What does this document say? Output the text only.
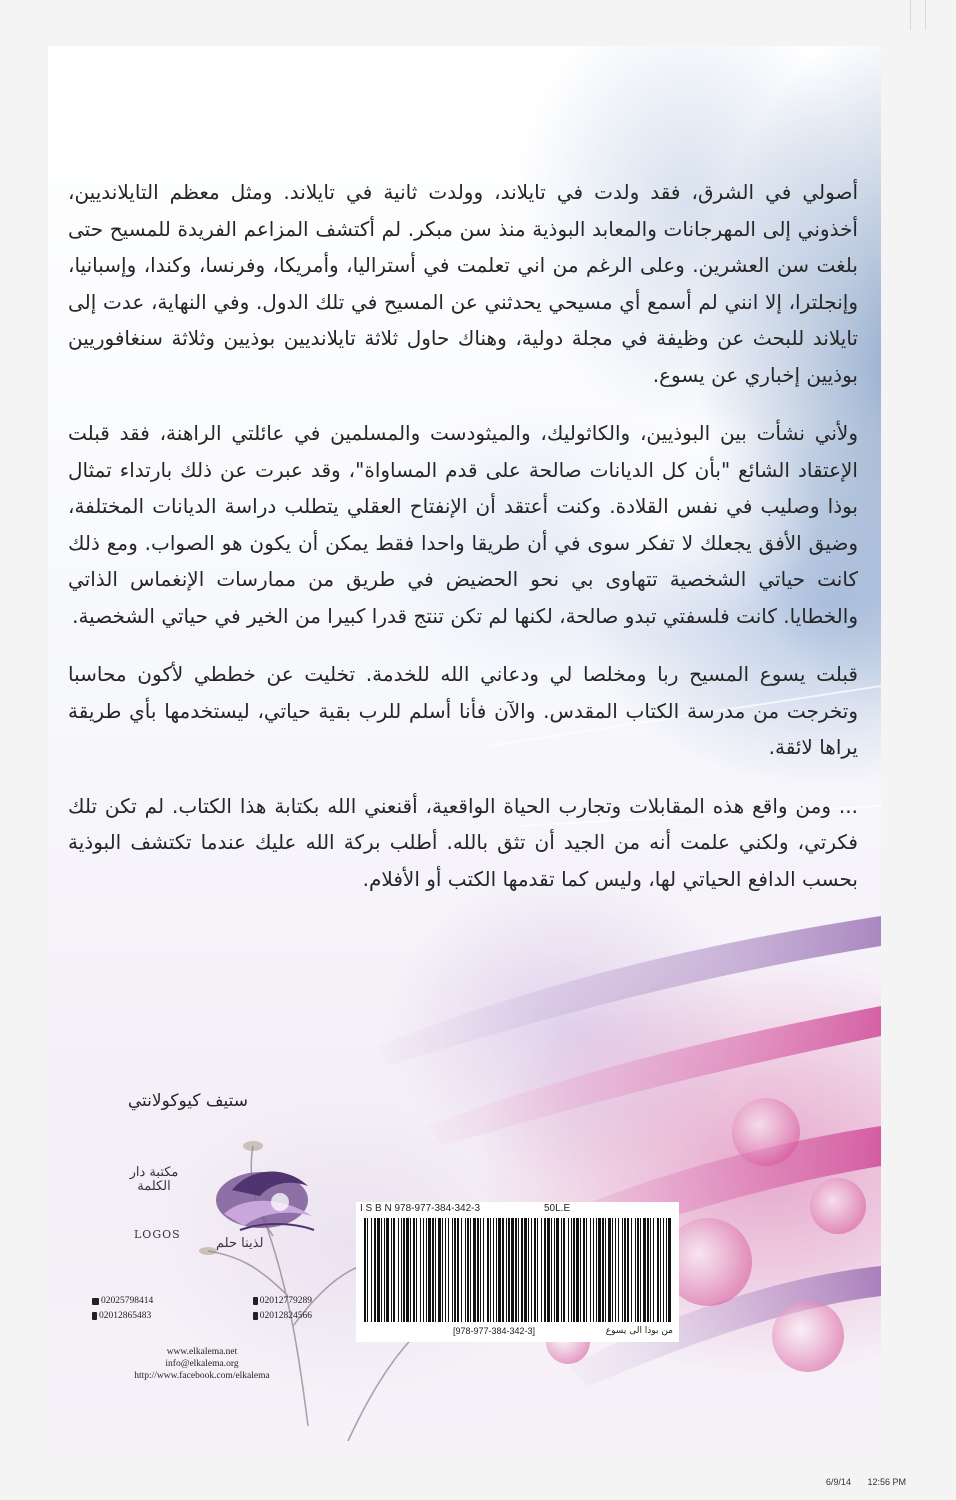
أصولي في الشرق، فقد ولدت في تايلاند، وولدت ثانية في تايلاند. ومثل معظم التايلانديين، أخذوني إلى المهرجانات والمعابد البوذية منذ سن مبكر. لم أكتشف المزاعم الفريدة للمسيح حتى بلغت سن العشرين. وعلى الرغم من اني تعلمت في أستراليا، وأمريكا، وفرنسا، وكندا، وإسبانيا، وإنجلترا، إلا انني لم أسمع أي مسيحي يحدثني عن المسيح في تلك الدول. وفي النهاية، عدت إلى تايلاند للبحث عن وظيفة في مجلة دولية، وهناك حاول ثلاثة تايلانديين بوذيين وثلاثة سنغافوريين بوذيين إخباري عن يسوع.

ولأني نشأت بين البوذيين، والكاثوليك، والميثودست والمسلمين في عائلتي الراهنة، فقد قبلت الإعتقاد الشائع "بأن كل الديانات صالحة على قدم المساواة"، وقد عبرت عن ذلك بارتداء تمثال بوذا وصليب في نفس القلادة. وكنت أعتقد أن الإنفتاح العقلي يتطلب دراسة الديانات المختلفة، وضيق الأفق يجعلك لا تفكر سوى في أن طريقا واحدا فقط يمكن أن يكون هو الصواب. ومع ذلك كانت حياتي الشخصية تتهاوى بي نحو الحضيض في طريق من ممارسات الإنغماس الذاتي والخطايا. كانت فلسفتي تبدو صالحة، لكنها لم تكن تنتج قدرا كبيرا من الخير في حياتي الشخصية.

قبلت يسوع المسيح ربا ومخلصا لي ودعاني الله للخدمة. تخليت عن خططي لأكون محاسبا وتخرجت من مدرسة الكتاب المقدس. والآن فأنا أسلم للرب بقية حياتي، ليستخدمها بأي طريقة يراها لائقة.

... ومن واقع هذه المقابلات وتجارب الحياة الواقعية، أقنعني الله بكتابة هذا الكتاب. لم تكن تلك فكرتي، ولكني علمت أنه من الجيد أن تثق بالله. أطلب بركة الله عليك عندما تكتشف البوذية بحسب الدافع الحياتي لها، وليس كما تقدمها الكتب أو الأفلام.

ستيف كيوكولانتي
مكتبة دار الكلمة
LOGOS
لذينا حلم
02025798414	02012779289
02012865483	02012824566
www.elkalema.net
info@elkalema.org
http://www.facebook.com/elkalema
I S B N 978-977-384-342-3	50L.E
[978-977-384-342-3]	من بوذا الى يسوع
6/9/14 12:56 PM
